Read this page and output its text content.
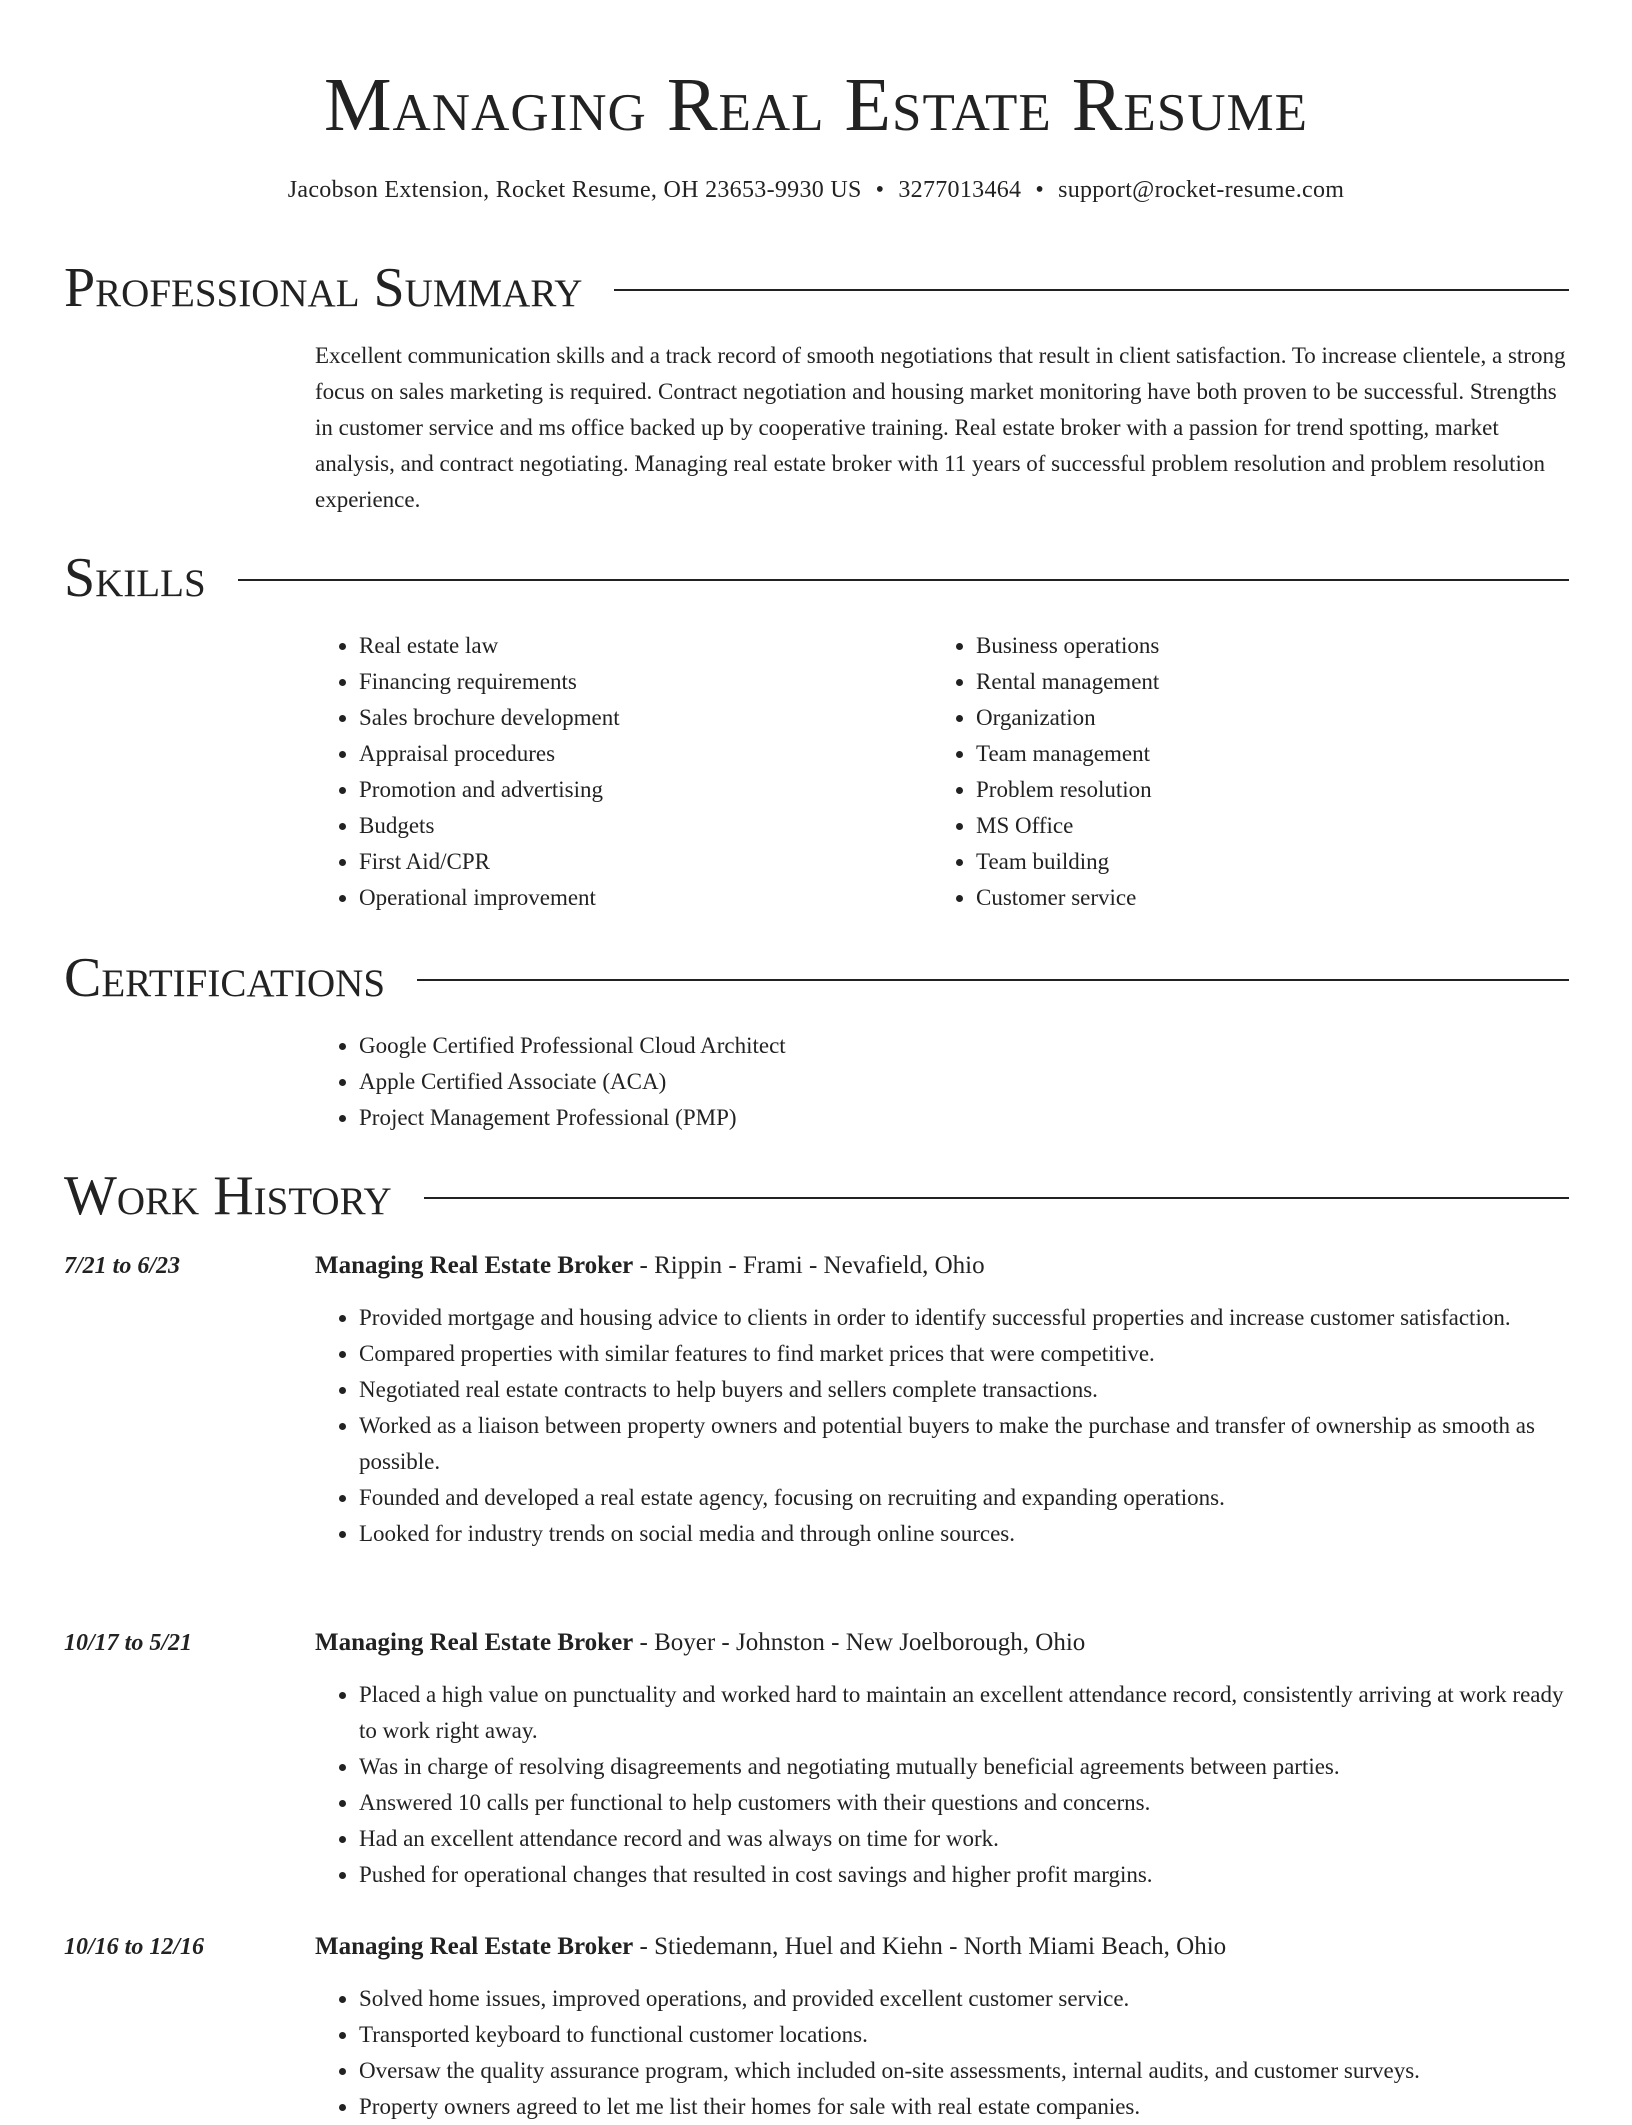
Managing Real Estate Resume
Jacobson Extension, Rocket Resume, OH 23653-9930 US • 3277013464 • support@rocket-resume.com
Professional Summary

Excellent communication skills and a track record of smooth negotiations that result in client satisfaction. To increase clientele, a strong focus on sales marketing is required. Contract negotiation and housing market monitoring have both proven to be successful. Strengths in customer service and ms office backed up by cooperative training. Real estate broker with a passion for trend spotting, market analysis, and contract negotiating. Managing real estate broker with 11 years of successful problem resolution and problem resolution experience.

Skills
• Real estate law
• Financing requirements
• Sales brochure development
• Appraisal procedures
• Promotion and advertising
• Budgets
• First Aid/CPR
• Operational improvement
• Business operations
• Rental management
• Organization
• Team management
• Problem resolution
• MS Office
• Team building
• Customer service
Certifications
• Google Certified Professional Cloud Architect
• Apple Certified Associate (ACA)
• Project Management Professional (PMP)
Work History
7/21 to 6/23	Managing Real Estate Broker - Rippin - Frami - Nevafield, Ohio
• Provided mortgage and housing advice to clients in order to identify successful properties and increase customer satisfaction.
• Compared properties with similar features to find market prices that were competitive.
• Negotiated real estate contracts to help buyers and sellers complete transactions.
• Worked as a liaison between property owners and potential buyers to make the purchase and transfer of ownership as smooth as possible.
• Founded and developed a real estate agency, focusing on recruiting and expanding operations.
• Looked for industry trends on social media and through online sources.
10/17 to 5/21	Managing Real Estate Broker - Boyer - Johnston - New Joelborough, Ohio
• Placed a high value on punctuality and worked hard to maintain an excellent attendance record, consistently arriving at work ready to work right away.
• Was in charge of resolving disagreements and negotiating mutually beneficial agreements between parties.
• Answered 10 calls per functional to help customers with their questions and concerns.
• Had an excellent attendance record and was always on time for work.
• Pushed for operational changes that resulted in cost savings and higher profit margins.
10/16 to 12/16	Managing Real Estate Broker - Stiedemann, Huel and Kiehn - North Miami Beach, Ohio
• Solved home issues, improved operations, and provided excellent customer service.
• Transported keyboard to functional customer locations.
• Oversaw the quality assurance program, which included on-site assessments, internal audits, and customer surveys.
• Property owners agreed to let me list their homes for sale with real estate companies.
